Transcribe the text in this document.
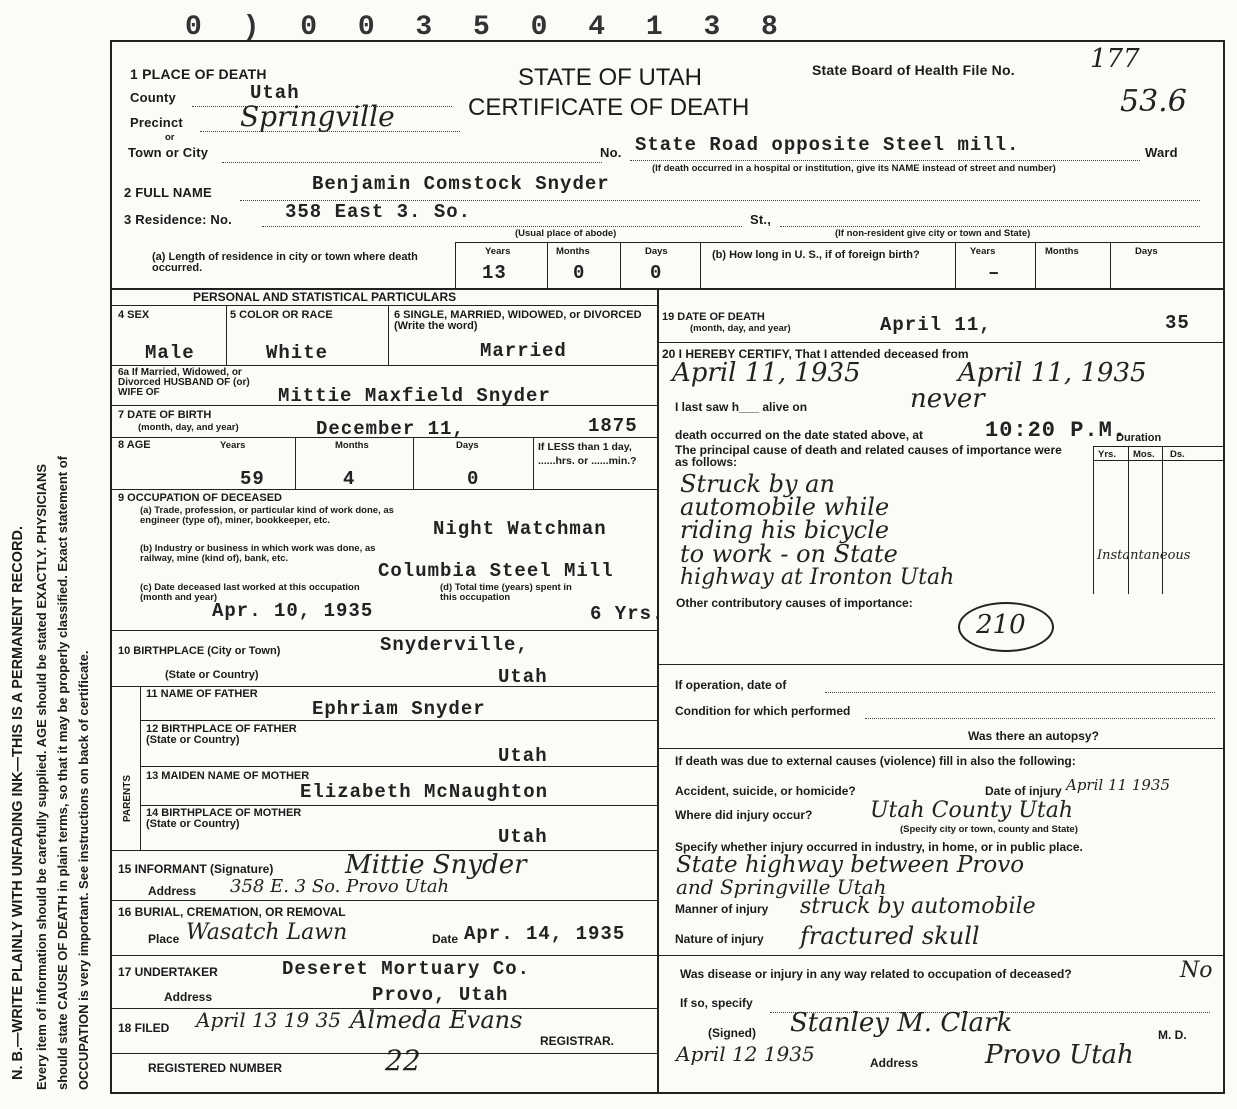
N. B.—WRITE PLAINLY WITH UNFADING INK—THIS IS A PERMANENT RECORD. Every item of information should be carefully supplied. AGE should be stated EXACTLY. PHYSICIANS should state CAUSE OF DEATH in plain terms, so that it may be properly classified. Exact statement of OCCUPATION is very important. See instructions on back of certificate.
0 ) 0 0 3 5 0 4 1 3 8
1 PLACE OF DEATH	STATE OF UTAH
CERTIFICATE OF DEATH
State Board of Health File No.	177
53.6
County	Utah
Precinct Springville
or
Town or City	No. State Road opposite Steel mill.	Ward
(If death occurred in a hospital or institution, give its NAME instead of street and number)
2 FULL NAME	Benjamin Comstock Snyder
3 Residence: No.	358 East 3. So.	St.,
(Usual place of abode)	(If non-resident give city or town and State)
(a) Length of residence in city or town where death occurred.
Years	Months	Days
13	0	0
(b) How long in U. S., if of foreign birth?	Years	Months	Days
–
PERSONAL AND STATISTICAL PARTICULARS
4 SEX	5 COLOR OR RACE	6 SINGLE, MARRIED, WIDOWED, or DIVORCED (Write the word)
Male	White	Married
6a If Married, Widowed, or Divorced HUSBAND OF (or) WIFE OF	Mittie Maxfield Snyder
7 DATE OF BIRTH
(month, day, and year)	December 11,	1875
8 AGE	Years	Months	Days
59	4	0
If LESS than 1 day, ......hrs. or ......min.?
9 OCCUPATION OF DECEASED
(a) Trade, profession, or particular kind of work done, as engineer (type of), miner, bookkeeper, etc.	Night Watchman
(b) Industry or business in which work was done, as railway, mine (kind of), bank, etc.
Columbia Steel Mill
(c) Date deceased last worked at this occupation (month and year)
Apr. 10, 1935
(d) Total time (years) spent in this occupation
6 Yrs.
10 BIRTHPLACE (City or Town)	Snyderville,
(State or Country)	Utah
PARENTS
11 NAME OF FATHER
Ephriam Snyder
12 BIRTHPLACE OF FATHER (State or Country)
Utah
13 MAIDEN NAME OF MOTHER
Elizabeth McNaughton
14 BIRTHPLACE OF MOTHER (State or Country)
Utah
15 INFORMANT (Signature)	Mittie Snyder
Address 358 E. 3 So. Provo Utah
16 BURIAL, CREMATION, OR REMOVAL
Place Wasatch Lawn	Date Apr. 14, 1935
17 UNDERTAKER	Deseret Mortuary Co.
Address	Provo, Utah
18 FILED April 13 19 35 Almeda Evans
REGISTRAR.
REGISTERED NUMBER	22
19 DATE OF DEATH
(month, day, and year)	April 11,	35
20 I HEREBY CERTIFY, That I attended deceased from
April 11, 1935	April 11, 1935
I last saw h___ alive on	never
death occurred on the date stated above, at	10:20 P.M.
Duration
Yrs. Mos. Ds.
The principal cause of death and related causes of importance were as follows:
Struck by an
automobile while
riding his bicycle
to work - on State
highway at Ironton Utah
Instantaneous
Other contributory causes of importance:
210
If operation, date of
Condition for which performed
Was there an autopsy?
If death was due to external causes (violence) fill in also the following:
Accident, suicide, or homicide?	Date of injury April 11 1935
Where did injury occur?	Utah County Utah
(Specify city or town, county and State)
Specify whether injury occurred in industry, in home, or in public place.
State highway between Provo
and Springville Utah
Manner of injury struck by automobile
Nature of injury fractured skull
Was disease or injury in any way related to occupation of deceased?	No
If so, specify
(Signed) Stanley M. Clark	M. D.
April 12 1935	Address	Provo Utah
